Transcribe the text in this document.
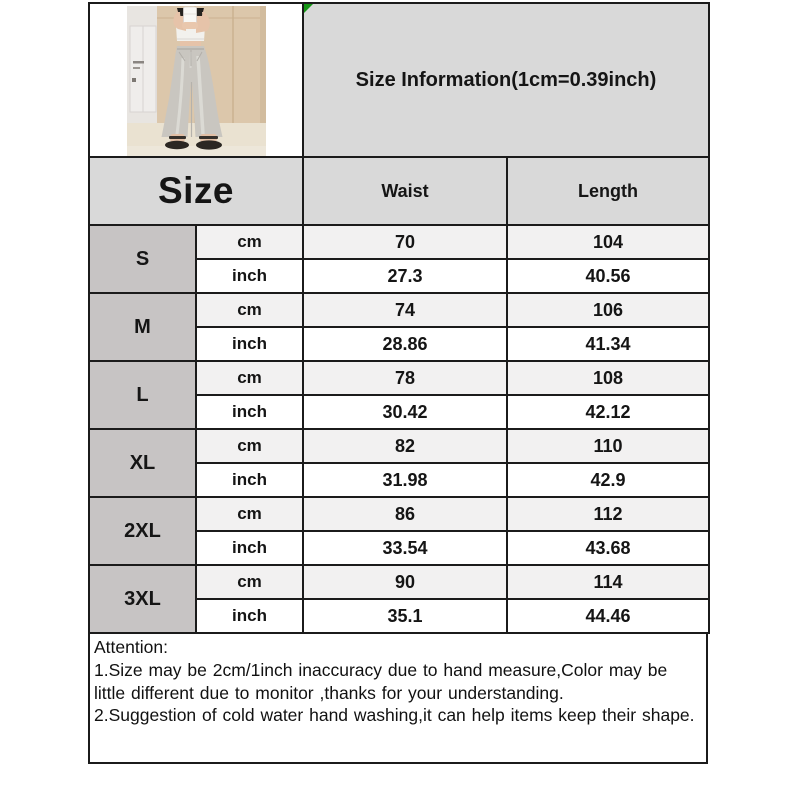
Size Information(1cm=0.39inch)	
Size		Waist	Length
S	cm	70	104
	inch	27.3	40.56
M	cm	74	106
	inch	28.86	41.34
L	cm	78	108
	inch	30.42	42.12
XL	cm	82	110
	inch	31.98	42.9
2XL	cm	86	112
	inch	33.54	43.68
3XL	cm	90	114
	inch	35.1	44.46

Attention:

1.Size may be 2cm/1inch inaccuracy due to hand measure,Color may be little different due to monitor ,thanks for your understanding.

2.Suggestion of cold water hand washing,it can help items keep their shape.
